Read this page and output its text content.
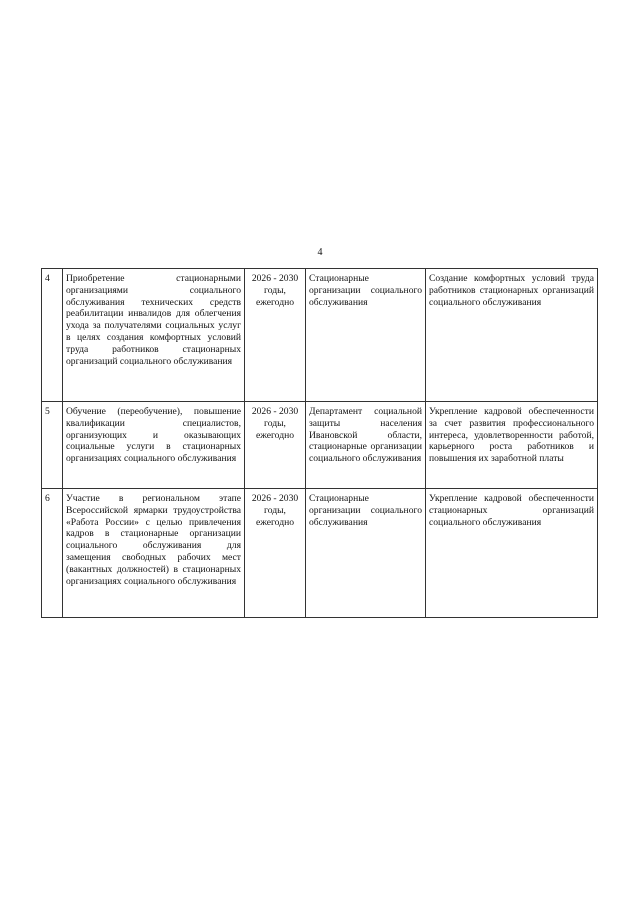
4
4	Приобретение стационарными организациями социального обслуживания технических средств реабилитации инвалидов для облегчения ухода за получателями социальных услуг в целях создания комфортных условий труда работников стационарных организаций социального обслуживания	2026 - 2030 годы, ежегодно	Стационарные организации социального обслуживания	Создание комфортных условий труда работников стационарных организаций социального обслуживания
5	Обучение (переобучение), повышение квалификации специалистов, организующих и оказывающих социальные услуги в стационарных организациях социального обслуживания	2026 - 2030 годы, ежегодно	Департамент социальной защиты населения Ивановской области, стационарные организации социального обслуживания	Укрепление кадровой обеспеченности за счет развития профессионального интереса, удовлетворенности работой, карьерного роста работников и повышения их заработной платы
6	Участие в региональном этапе Всероссийской ярмарки трудоустройства «Работа России» с целью привлечения кадров в стационарные организации социального обслуживания для замещения свободных рабочих мест (вакантных должностей) в стационарных организациях социального обслуживания	2026 - 2030 годы, ежегодно	Стационарные организации социального обслуживания	Укрепление кадровой обеспеченности стационарных организаций социального обслуживания
